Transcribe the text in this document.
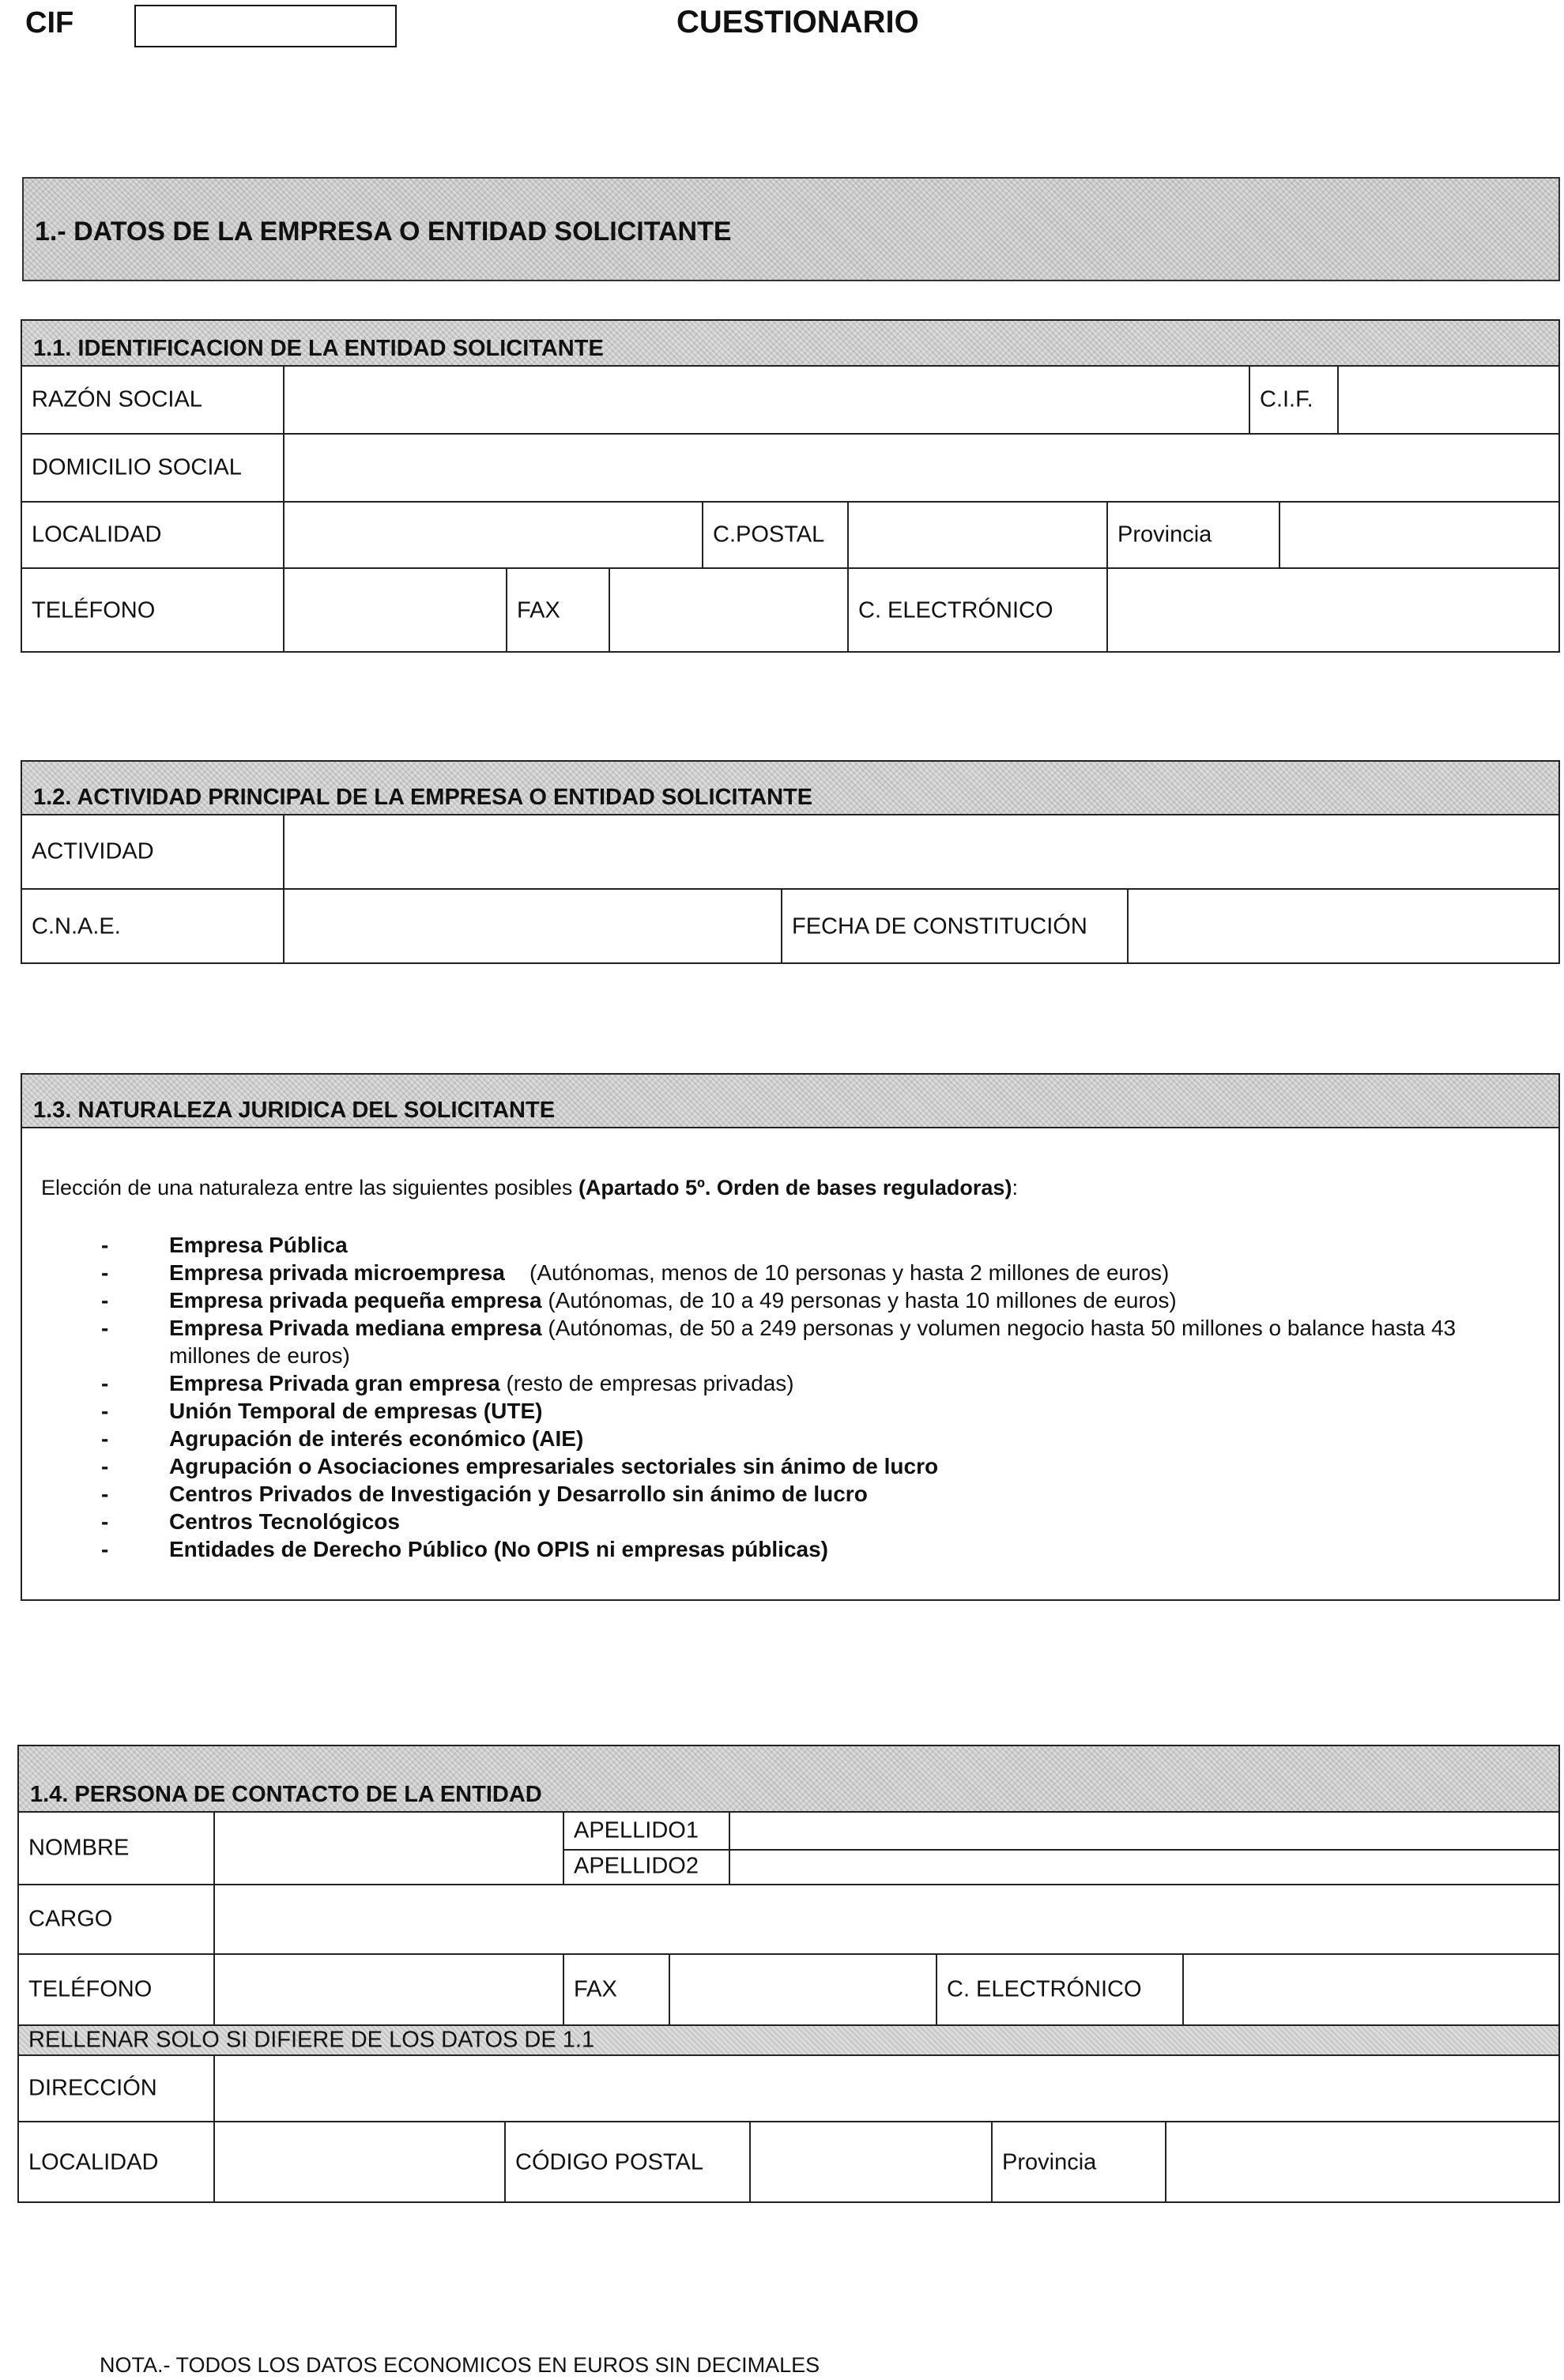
CIF	CUESTIONARIO
1.- DATOS DE LA EMPRESA O ENTIDAD SOLICITANTE
1.1. IDENTIFICACION DE LA ENTIDAD SOLICITANTE
RAZÓN SOCIAL	C.I.F.
DOMICILIO SOCIAL
LOCALIDAD	C.POSTAL	Provincia
TELÉFONO	FAX	C. ELECTRÓNICO
1.2. ACTIVIDAD PRINCIPAL DE LA EMPRESA O ENTIDAD SOLICITANTE
ACTIVIDAD
C.N.A.E.	FECHA DE CONSTITUCIÓN
1.3. NATURALEZA JURIDICA DEL SOLICITANTE
Elección de una naturaleza entre las siguientes posibles (Apartado 5º. Orden de bases reguladoras):
- Empresa Pública
- Empresa privada microempresa    (Autónomas, menos de 10 personas y hasta 2 millones de euros)
- Empresa privada pequeña empresa (Autónomas, de 10 a 49 personas y hasta 10 millones de euros)
- Empresa Privada mediana empresa (Autónomas, de 50 a 249 personas y volumen negocio hasta 50 millones o balance hasta 43 millones de euros)
- Empresa Privada gran empresa (resto de empresas privadas)
- Unión Temporal de empresas (UTE)
- Agrupación de interés económico (AIE)
- Agrupación o Asociaciones empresariales sectoriales sin ánimo de lucro
- Centros Privados de Investigación y Desarrollo sin ánimo de lucro
- Centros Tecnológicos
- Entidades de Derecho Público (No OPIS ni empresas públicas)
1.4. PERSONA DE CONTACTO DE LA ENTIDAD
NOMBRE
APELLIDO1
APELLIDO2
CARGO
TELÉFONO	FAX	C. ELECTRÓNICO
RELLENAR SOLO SI DIFIERE DE LOS DATOS DE 1.1
DIRECCIÓN
LOCALIDAD	CÓDIGO POSTAL	Provincia
NOTA.- TODOS LOS DATOS ECONOMICOS EN EUROS SIN DECIMALES
